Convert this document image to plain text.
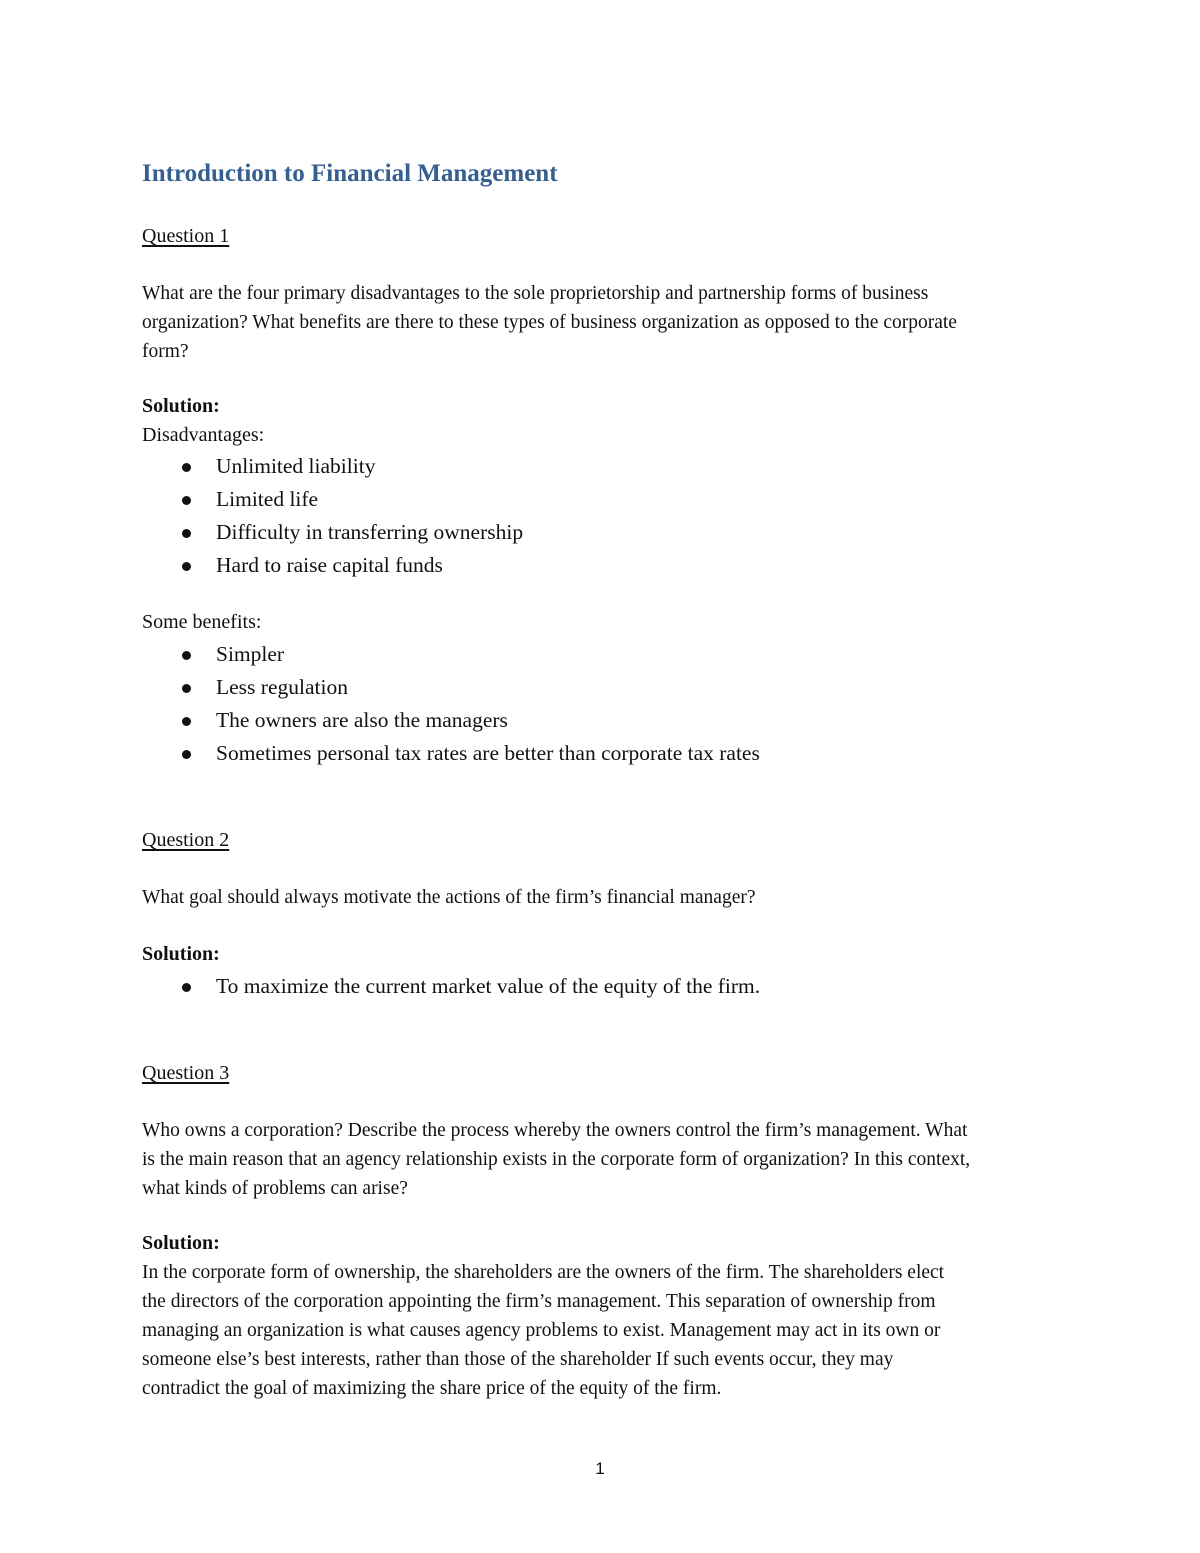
Introduction to Financial Management

Question 1

What are the four primary disadvantages to the sole proprietorship and partnership forms of business
organization? What benefits are there to these types of business organization as opposed to the corporate
form?

Solution:

Disadvantages:

Unlimited liability
Limited life
Difficulty in transferring ownership
Hard to raise capital funds

Some benefits:

Simpler
Less regulation
The owners are also the managers
Sometimes personal tax rates are better than corporate tax rates

Question 2

What goal should always motivate the actions of the firm’s financial manager?

Solution:

To maximize the current market value of the equity of the firm.

Question 3

Who owns a corporation? Describe the process whereby the owners control the firm’s management. What
is the main reason that an agency relationship exists in the corporate form of organization? In this context,
what kinds of problems can arise?

Solution:

In the corporate form of ownership, the shareholders are the owners of the firm. The shareholders elect
the directors of the corporation appointing the firm’s management. This separation of ownership from
managing an organization is what causes agency problems to exist. Management may act in its own or
someone else’s best interests, rather than those of the shareholder If such events occur, they may
contradict the goal of maximizing the share price of the equity of the firm.
1
